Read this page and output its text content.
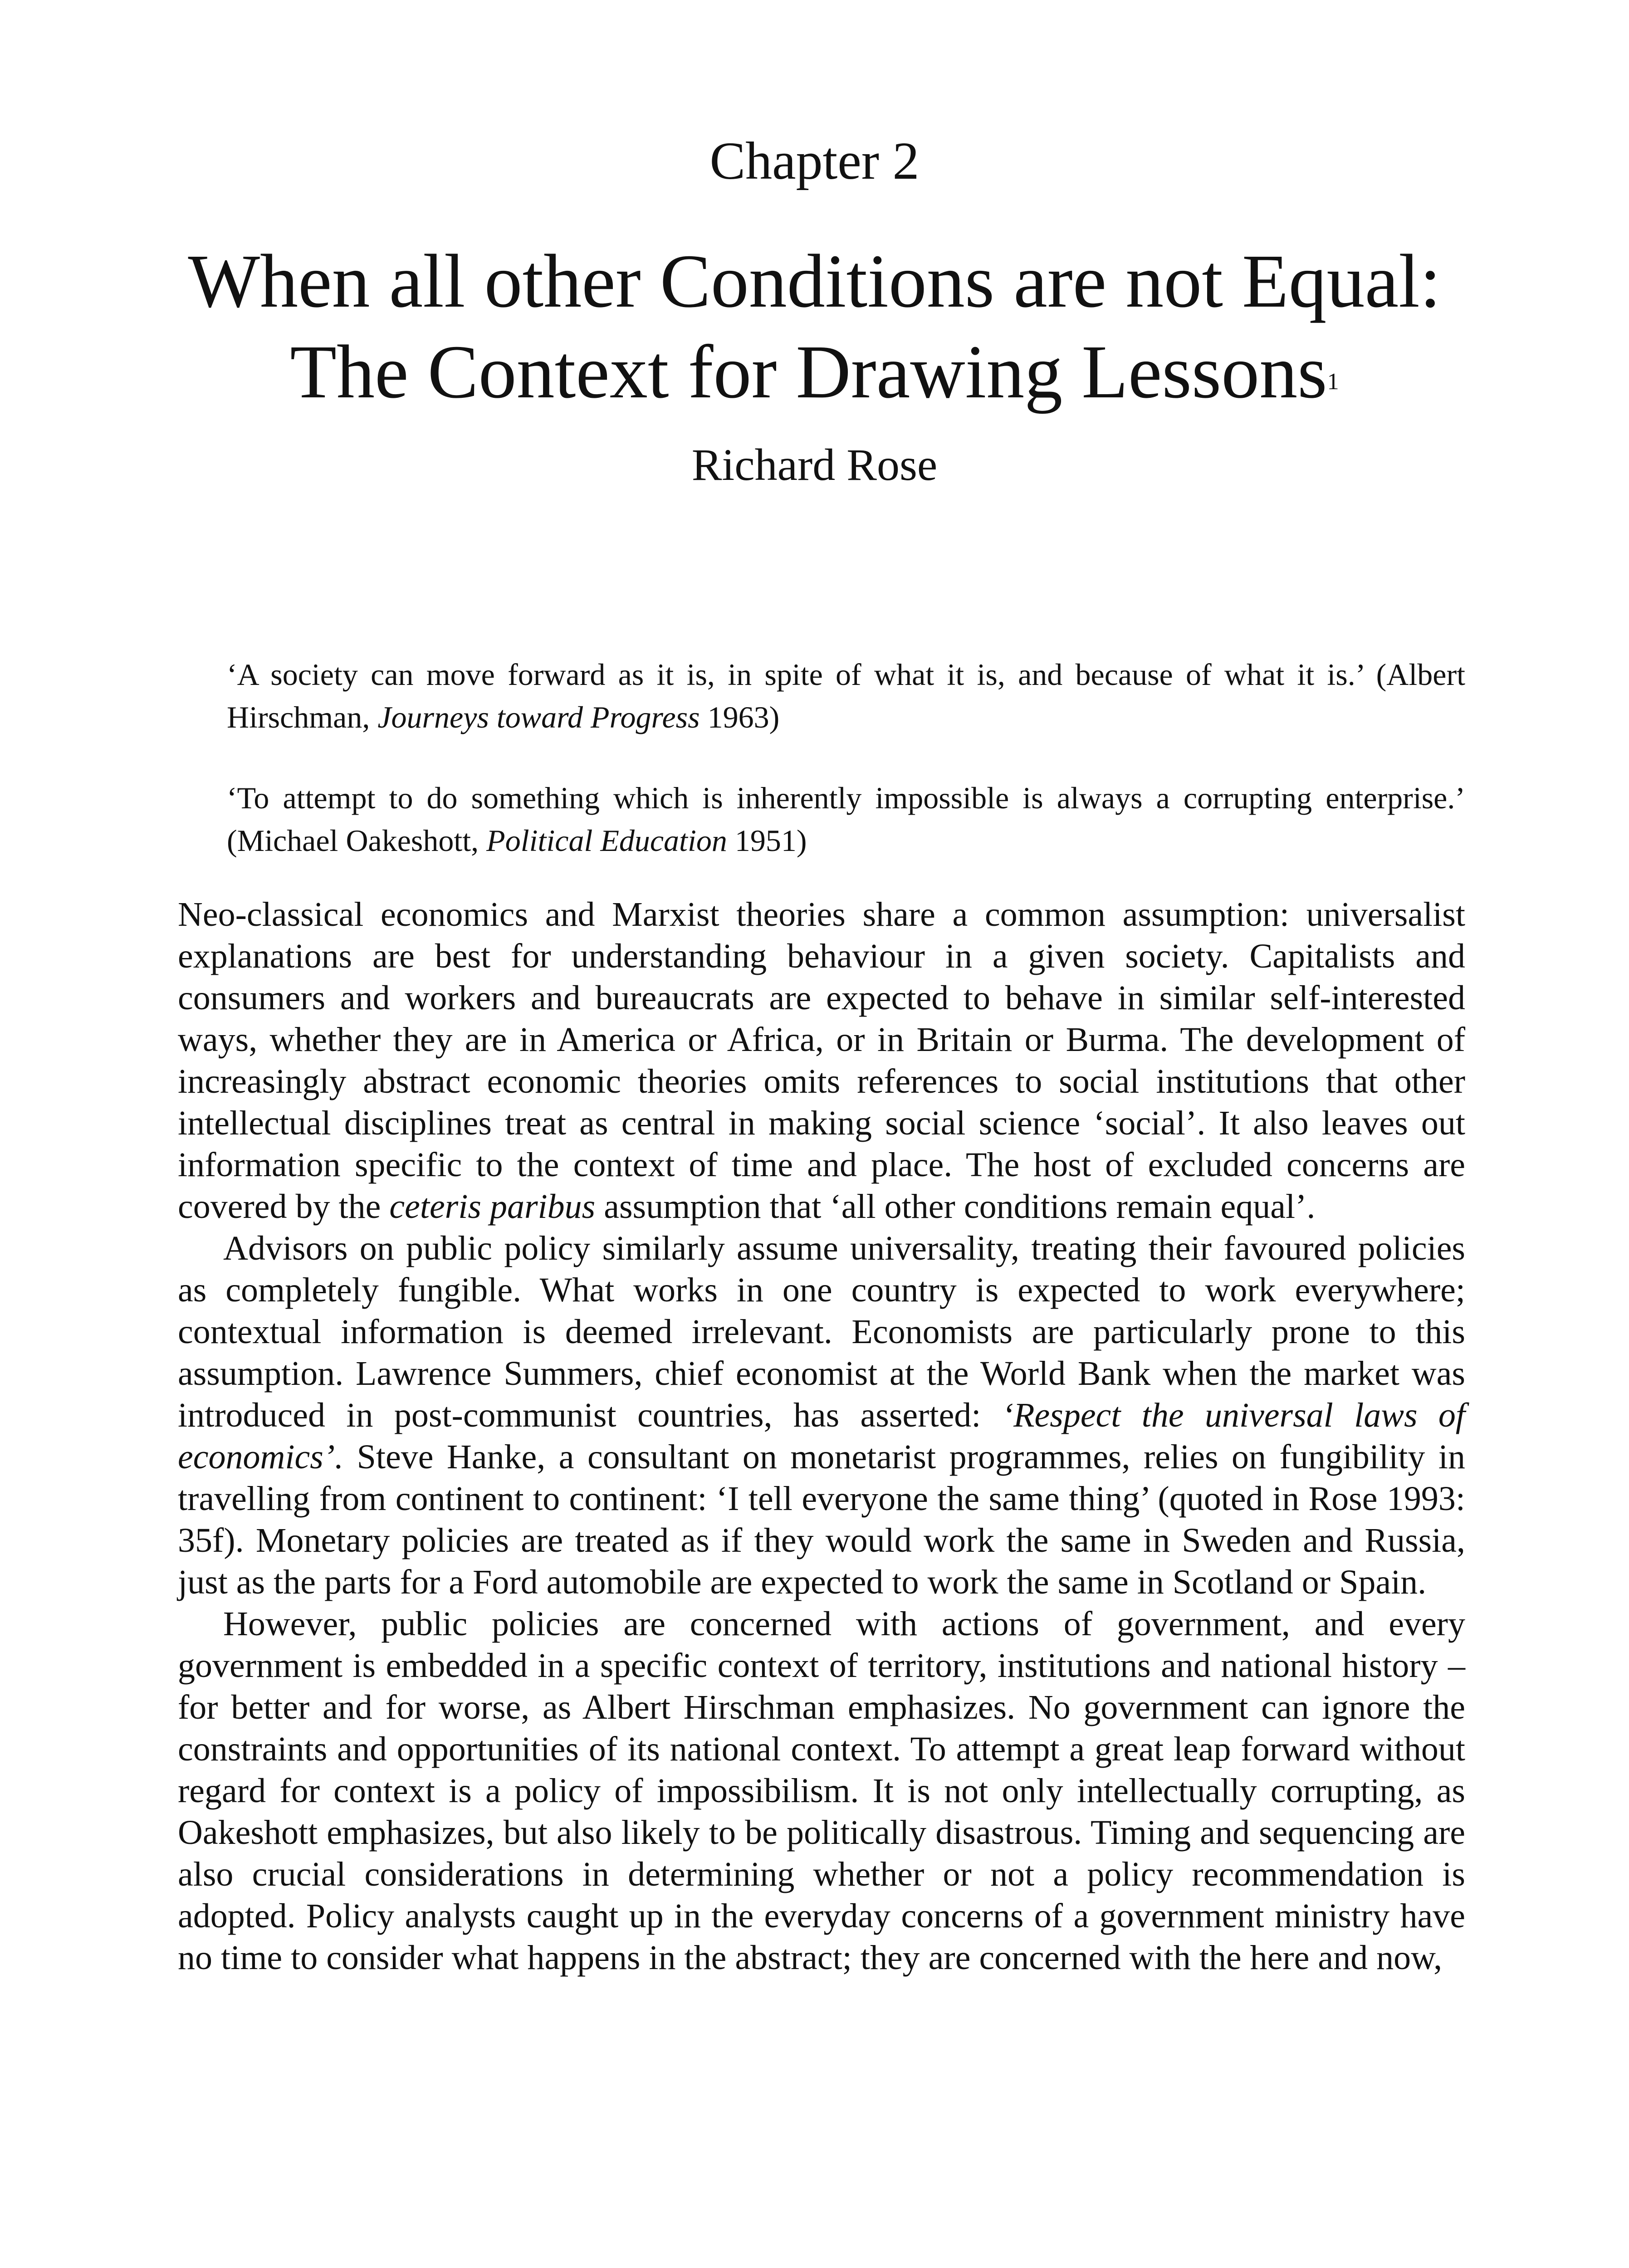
Chapter 2
When all other Conditions are not Equal:
The Context for Drawing Lessons$^1$
Richard Rose
‘A society can move forward as it is, in spite of what it is, and because of what it is.’ (Albert Hirschman, Journeys toward Progress 1963)
‘To attempt to do something which is inherently impossible is always a corrupting enterprise.’ (Michael Oakeshott, Political Education 1951)

Neo-classical economics and Marxist theories share a common assumption: universalist explanations are best for understanding behaviour in a given society. Capitalists and consumers and workers and bureaucrats are expected to behave in similar self-interested ways, whether they are in America or Africa, or in Britain or Burma. The development of increasingly abstract economic theories omits references to social institutions that other intellectual disciplines treat as central in making social science ‘social’. It also leaves out information specific to the context of time and place. The host of excluded concerns are covered by the ceteris paribus assumption that ‘all other conditions remain equal’.

Advisors on public policy similarly assume universality, treating their favoured policies as completely fungible. What works in one country is expected to work everywhere; contextual information is deemed irrelevant. Economists are particularly prone to this assumption. Lawrence Summers, chief economist at the World Bank when the market was introduced in post-communist countries, has asserted: ‘Respect the universal laws of economics’. Steve Hanke, a consultant on monetarist programmes, relies on fungibility in travelling from continent to continent: ‘I tell everyone the same thing’ (quoted in Rose 1993: 35f). Monetary policies are treated as if they would work the same in Sweden and Russia, just as the parts for a Ford automobile are expected to work the same in Scotland or Spain.

However, public policies are concerned with actions of government, and every government is embedded in a specific context of territory, institutions and national history – for better and for worse, as Albert Hirschman emphasizes. No government can ignore the constraints and opportunities of its national context. To attempt a great leap forward without regard for context is a policy of impossibilism. It is not only intellectually corrupting, as Oakeshott emphasizes, but also likely to be politically disastrous. Timing and sequencing are also crucial considerations in determining whether or not a policy recommendation is adopted. Policy analysts caught up in the everyday concerns of a government ministry have no time to consider what happens in the abstract; they are concerned with the here and now,
